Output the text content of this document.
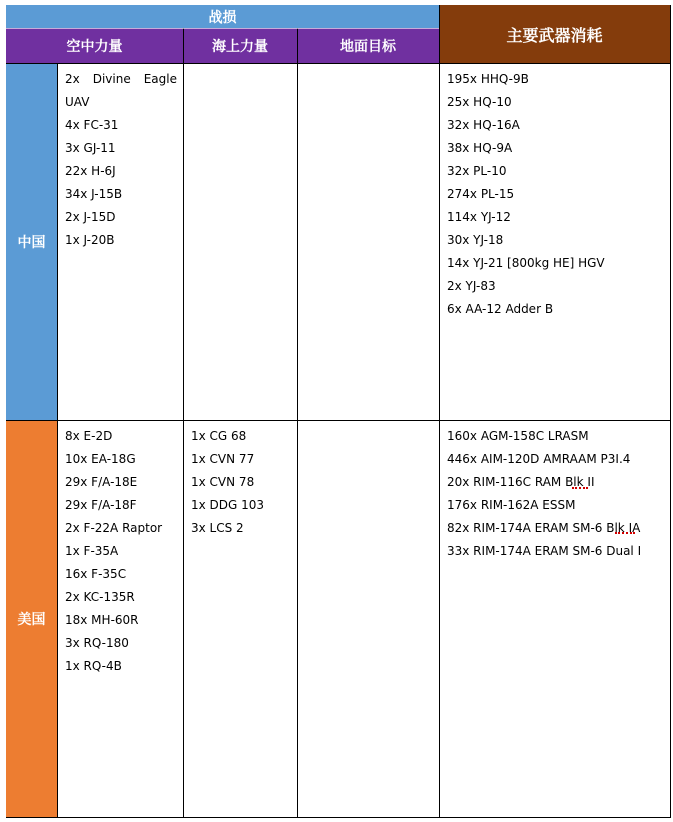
战损
主要武器消耗
空中力量	海上力量	地面目标
中国
2x Divine Eagle UAV
4x FC-31
3x GJ-11
22x H-6J
34x J-15B
2x J-15D
1x J-20B
195x HHQ-9B
25x HQ-10
32x HQ-16A
38x HQ-9A
32x PL-10
274x PL-15
114x YJ-12
30x YJ-18
14x YJ-21 [800kg HE] HGV
2x YJ-83
6x AA-12 Adder B
美国
8x E-2D
10x EA-18G
29x F/A-18E
29x F/A-18F
2x F-22A Raptor
1x F-35A
16x F-35C
2x KC-135R
18x MH-60R
3x RQ-180
1x RQ-4B
1x CG 68
1x CVN 77
1x CVN 78
1x DDG 103
3x LCS 2
160x AGM-158C LRASM
446x AIM-120D AMRAAM P3I.4
20x RIM-116C RAM Blk II
176x RIM-162A ESSM
82x RIM-174A ERAM SM-6 Blk IA
33x RIM-174A ERAM SM-6 Dual I
